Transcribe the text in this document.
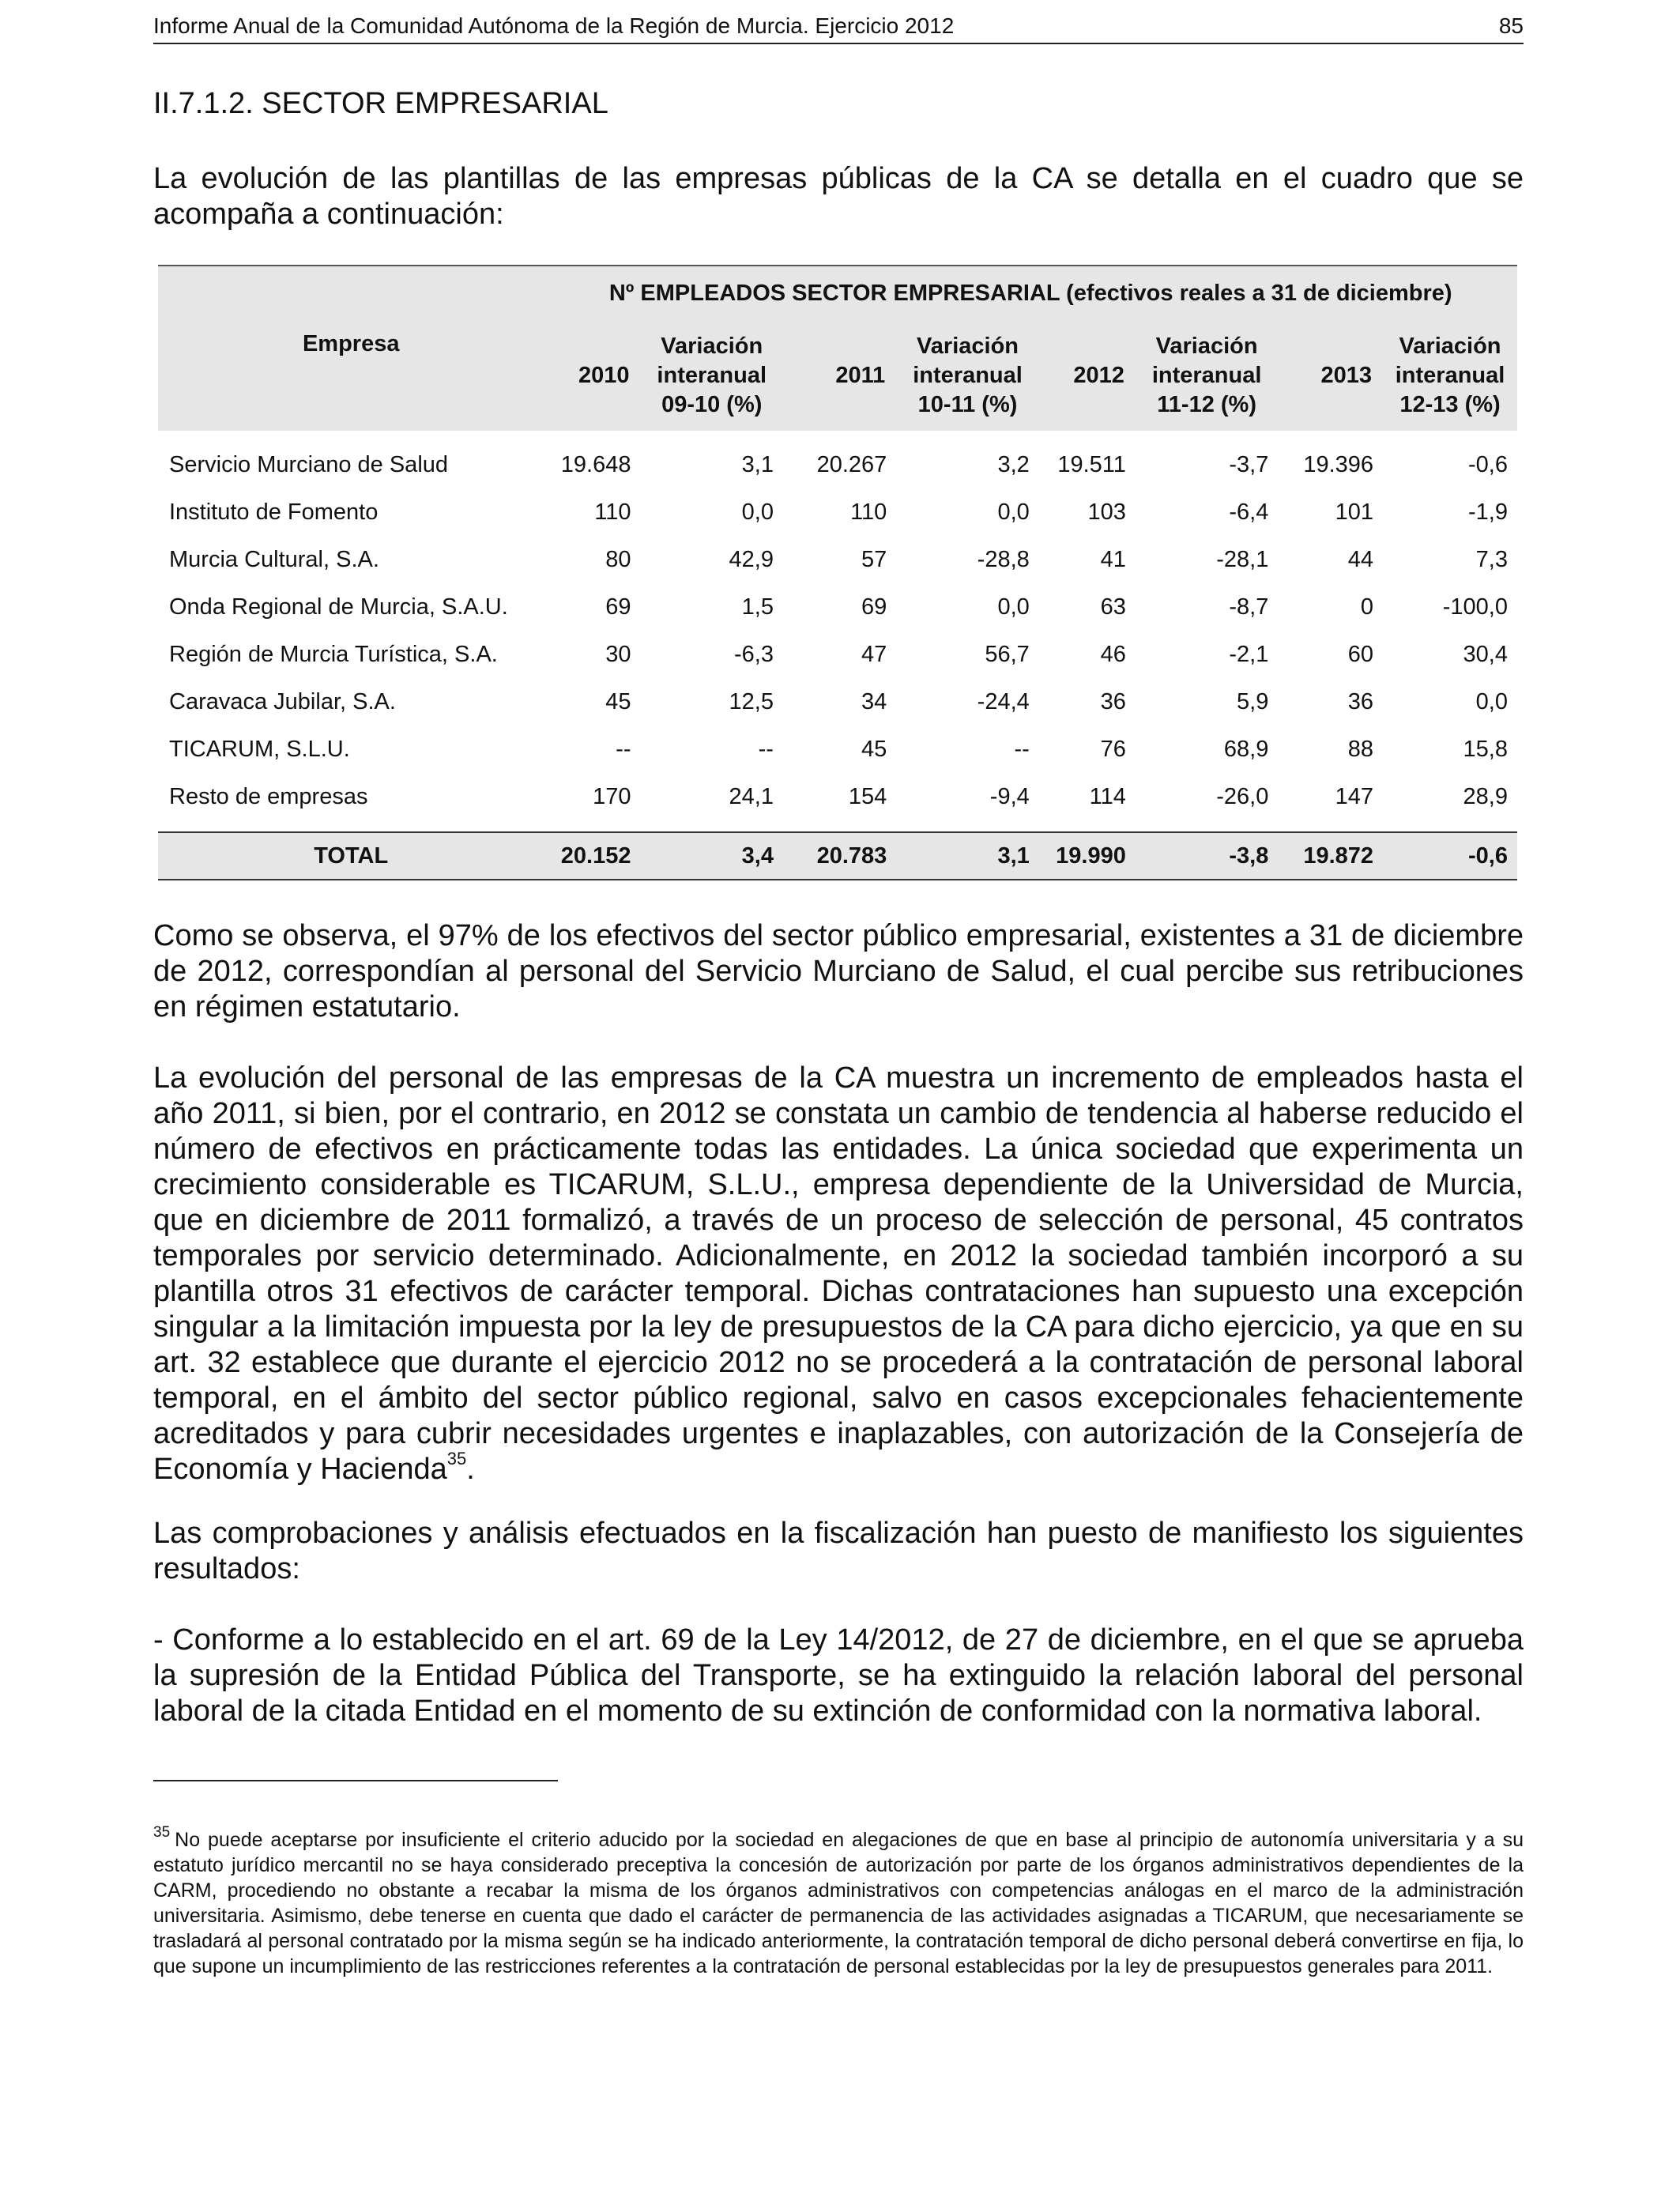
Informe Anual de la Comunidad Autónoma de la Región de Murcia. Ejercicio 2012	85
II.7.1.2. SECTOR EMPRESARIAL

La evolución de las plantillas de las empresas públicas de la CA se detalla en el cuadro que se acompaña a continuación:

Empresa	Nº EMPLEADOS SECTOR EMPRESARIAL (efectivos reales a 31 de diciembre)							
	2010	Variación
interanual
09-10 (%)	2011	Variación
interanual
10-11 (%)	2012	Variación
interanual
11-12 (%)	2013	Variación
interanual
12-13 (%)
Servicio Murciano de Salud	19.648	3,1	20.267	3,2	19.511	-3,7	19.396	-0,6
Instituto de Fomento	110	0,0	110	0,0	103	-6,4	101	-1,9
Murcia Cultural, S.A.	80	42,9	57	-28,8	41	-28,1	44	7,3
Onda Regional de Murcia, S.A.U.	69	1,5	69	0,0	63	-8,7	0	-100,0
Región de Murcia Turística, S.A.	30	-6,3	47	56,7	46	-2,1	60	30,4
Caravaca Jubilar, S.A.	45	12,5	34	-24,4	36	5,9	36	0,0
TICARUM, S.L.U.	--	--	45	--	76	68,9	88	15,8
Resto de empresas	170	24,1	154	-9,4	114	-26,0	147	28,9

TOTAL	20.152	3,4	20.783	3,1	19.990	-3,8	19.872	-0,6

Como se observa, el 97% de los efectivos del sector público empresarial, existentes a 31 de diciembre de 2012, correspondían al personal del Servicio Murciano de Salud, el cual percibe sus retribuciones en régimen estatutario.

La evolución del personal de las empresas de la CA muestra un incremento de empleados hasta el año 2011, si bien, por el contrario, en 2012 se constata un cambio de tendencia al haberse reducido el número de efectivos en prácticamente todas las entidades. La única sociedad que experimenta un crecimiento considerable es TICARUM, S.L.U., empresa dependiente de la Universidad de Murcia, que en diciembre de 2011 formalizó, a través de un proceso de selección de personal, 45 contratos temporales por servicio determinado. Adicionalmente, en 2012 la sociedad también incorporó a su plantilla otros 31 efectivos de carácter temporal. Dichas contrataciones han supuesto una excepción singular a la limitación impuesta por la ley de presupuestos de la CA para dicho ejercicio, ya que en su art. 32 establece que durante el ejercicio 2012 no se procederá a la contratación de personal laboral temporal, en el ámbito del sector público regional, salvo en casos excepcionales fehacientemente acreditados y para cubrir necesidades urgentes e inaplazables, con autorización de la Consejería de Economía y Hacienda$^{35}$.

Las comprobaciones y análisis efectuados en la fiscalización han puesto de manifiesto los siguientes resultados:

- Conforme a lo establecido en el art. 69 de la Ley 14/2012, de 27 de diciembre, en el que se aprueba la supresión de la Entidad Pública del Transporte, se ha extinguido la relación laboral del personal laboral de la citada Entidad en el momento de su extinción de conformidad con la normativa laboral.

$^{35}$ No puede aceptarse por insuficiente el criterio aducido por la sociedad en alegaciones de que en base al principio de autonomía universitaria y a su estatuto jurídico mercantil no se haya considerado preceptiva la concesión de autorización por parte de los órganos administrativos dependientes de la CARM, procediendo no obstante a recabar la misma de los órganos administrativos con competencias análogas en el marco de la administración universitaria. Asimismo, debe tenerse en cuenta que dado el carácter de permanencia de las actividades asignadas a TICARUM, que necesariamente se trasladará al personal contratado por la misma según se ha indicado anteriormente, la contratación temporal de dicho personal deberá convertirse en fija, lo que supone un incumplimiento de las restricciones referentes a la contratación de personal establecidas por la ley de presupuestos generales para 2011.
